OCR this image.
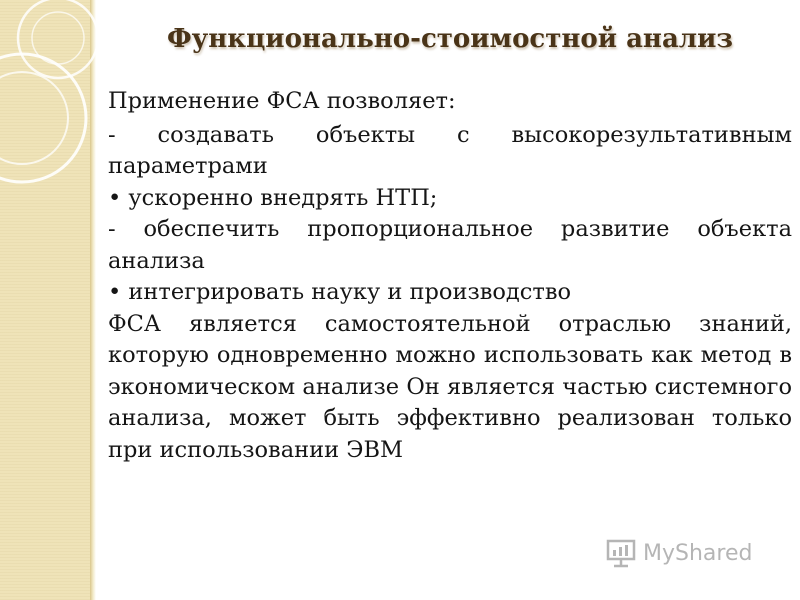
Функционально-стоимостной анализ

Применение ФСА позволяет:

- создавать объекты с высокорезультативным параметрами

• ускоренно внедрять НТП;

- обеспечить пропорциональное развитие объекта анализа

• интегрировать науку и производство

ФСА является самостоятельной отраслью знаний, которую одновременно можно использовать как метод в экономическом анализе Он является частью системного анализа, может быть эффективно реализован только при использовании ЭВМ

MyShared
